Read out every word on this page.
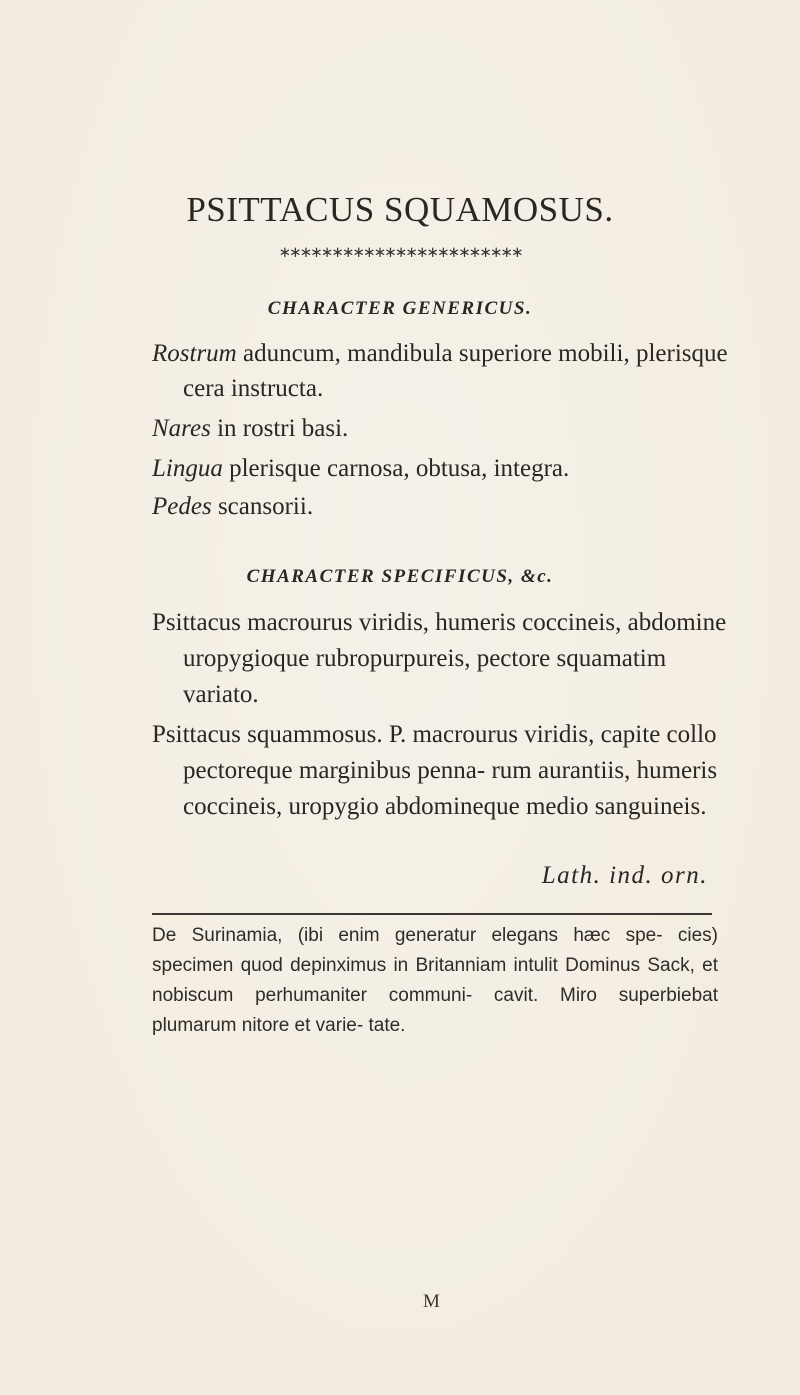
PSITTACUS SQUAMOSUS.
∗∗∗∗∗∗∗∗∗∗∗∗∗∗∗∗∗∗∗∗∗∗∗
CHARACTER GENERICUS.

Rostrum aduncum, mandibula superiore mobili, plerisque cera instructa.

Nares in rostri basi.

Lingua plerisque carnosa, obtusa, integra.

Pedes scansorii.

CHARACTER SPECIFICUS, &c.

Psittacus macrourus viridis, humeris coccineis, abdomine uropygioque rubropurpureis, pectore squamatim variato.

Psittacus squammosus. P. macrourus viridis, capite collo pectoreque marginibus penna- rum aurantiis, humeris coccineis, uropygio abdomineque medio sanguineis.

Lath. ind. orn.

De Surinamia, (ibi enim generatur elegans hæc spe- cies) specimen quod depinximus in Britanniam intulit Dominus Sack, et nobiscum perhumaniter communi- cavit. Miro superbiebat plumarum nitore et varie- tate.

M
